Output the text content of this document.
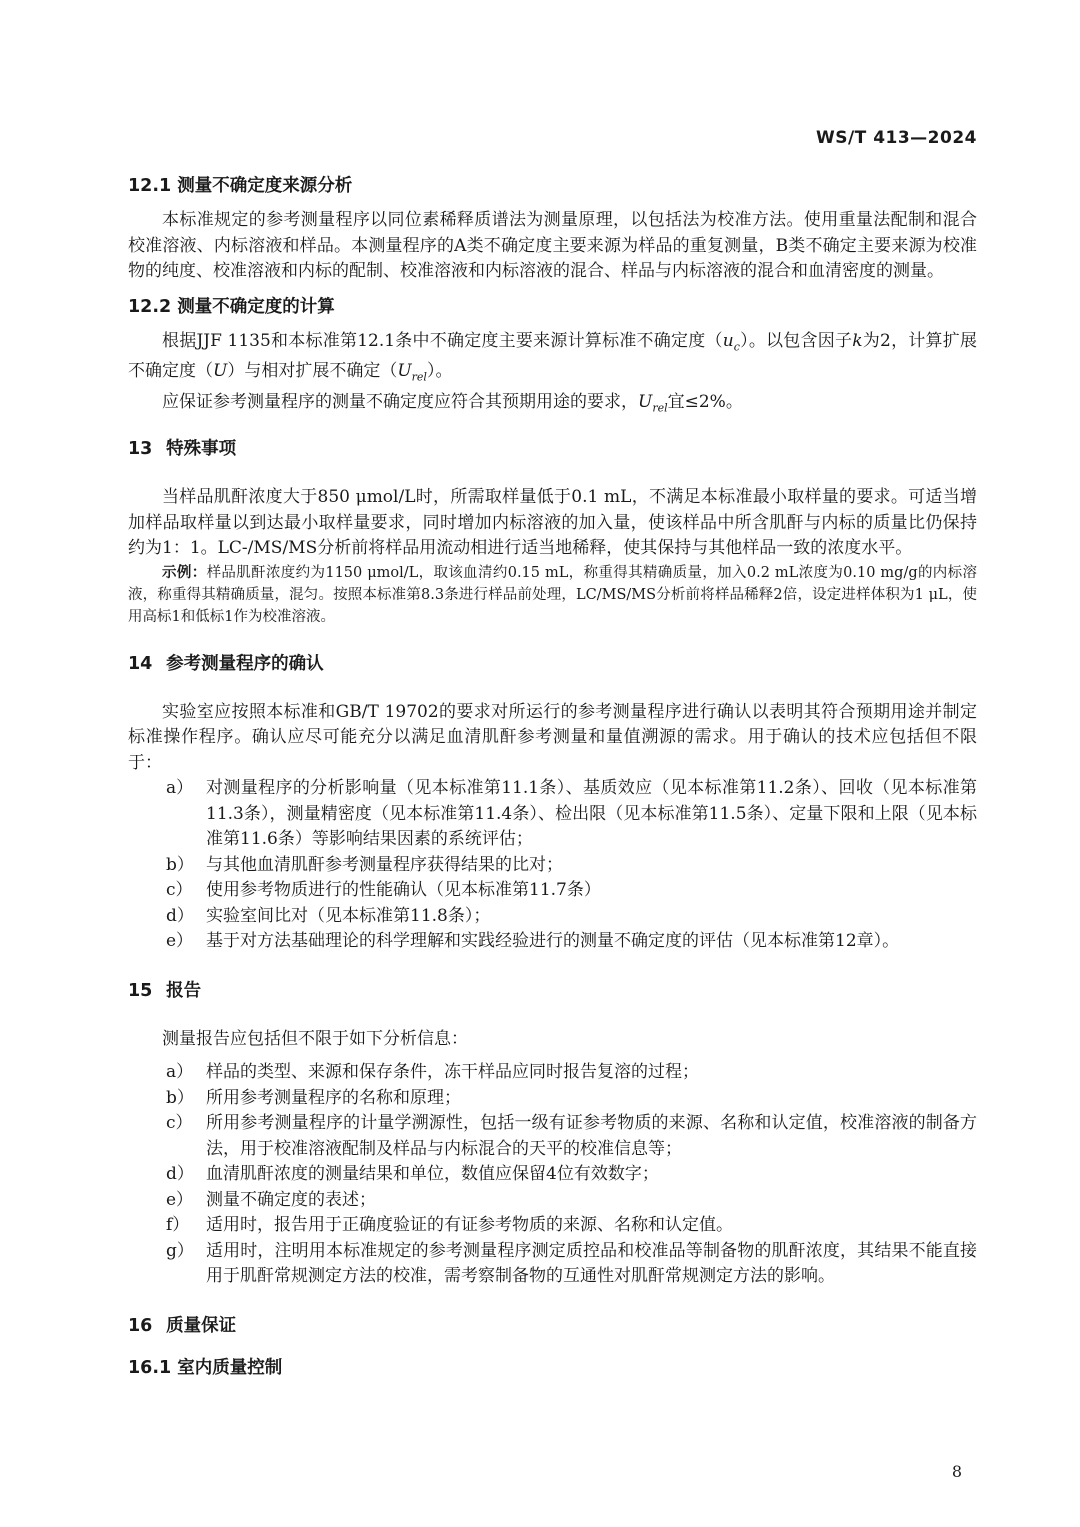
WS/T 413—2024
12.1 测量不确定度来源分析

本标准规定的参考测量程序以同位素稀释质谱法为测量原理，以包括法为校准方法。使用重量法配制和混合校准溶液、内标溶液和样品。本测量程序的A类不确定度主要来源为样品的重复测量，B类不确定主要来源为校准物的纯度、校准溶液和内标的配制、校准溶液和内标溶液的混合、样品与内标溶液的混合和血清密度的测量。

12.2 测量不确定度的计算

根据JJF 1135和本标准第12.1条中不确定度主要来源计算标准不确定度$(u_c)$。以包含因子k为2，计算扩展不确定度（U）与相对扩展不确定$(U_{rel})$。

应保证参考测量程序的测量不确定度应符合其预期用途的要求，$U_{rel}$宜≤2%。

13 特殊事项

当样品肌酐浓度大于850 μmol/L时，所需取样量低于0.1 mL，不满足本标准最小取样量的要求。可适当增加样品取样量以到达最小取样量要求，同时增加内标溶液的加入量，使该样品中所含肌酐与内标的质量比仍保持约为1：1。LC-/MS/MS分析前将样品用流动相进行适当地稀释，使其保持与其他样品一致的浓度水平。

示例：样品肌酐浓度约为1150 μmol/L，取该血清约0.15 mL，称重得其精确质量，加入0.2 mL浓度为0.10 mg/g的内标溶液，称重得其精确质量，混匀。按照本标准第8.3条进行样品前处理，LC/MS/MS分析前将样品稀释2倍，设定进样体积为1 μL，使用高标1和低标1作为校准溶液。

14 参考测量程序的确认

实验室应按照本标准和GB/T 19702的要求对所运行的参考测量程序进行确认以表明其符合预期用途并制定标准操作程序。确认应尽可能充分以满足血清肌酐参考测量和量值溯源的需求。用于确认的技术应包括但不限于：

a） 对测量程序的分析影响量（见本标准第11.1条）、基质效应（见本标准第11.2条）、回收（见本标准第11.3条），测量精密度（见本标准第11.4条）、检出限（见本标准第11.5条）、定量下限和上限（见本标准第11.6条）等影响结果因素的系统评估；
b） 与其他血清肌酐参考测量程序获得结果的比对；
c） 使用参考物质进行的性能确认（见本标准第11.7条）
d） 实验室间比对（见本标准第11.8条）；
e） 基于对方法基础理论的科学理解和实践经验进行的测量不确定度的评估（见本标准第12章）。
15 报告

测量报告应包括但不限于如下分析信息：

a） 样品的类型、来源和保存条件，冻干样品应同时报告复溶的过程；
b） 所用参考测量程序的名称和原理；
c） 所用参考测量程序的计量学溯源性，包括一级有证参考物质的来源、名称和认定值，校准溶液的制备方法，用于校准溶液配制及样品与内标混合的天平的校准信息等；
d） 血清肌酐浓度的测量结果和单位，数值应保留4位有效数字；
e） 测量不确定度的表述；
f） 适用时，报告用于正确度验证的有证参考物质的来源、名称和认定值。
g） 适用时，注明用本标准规定的参考测量程序测定质控品和校准品等制备物的肌酐浓度，其结果不能直接用于肌酐常规测定方法的校准，需考察制备物的互通性对肌酐常规测定方法的影响。
16 质量保证
16.1 室内质量控制
8
